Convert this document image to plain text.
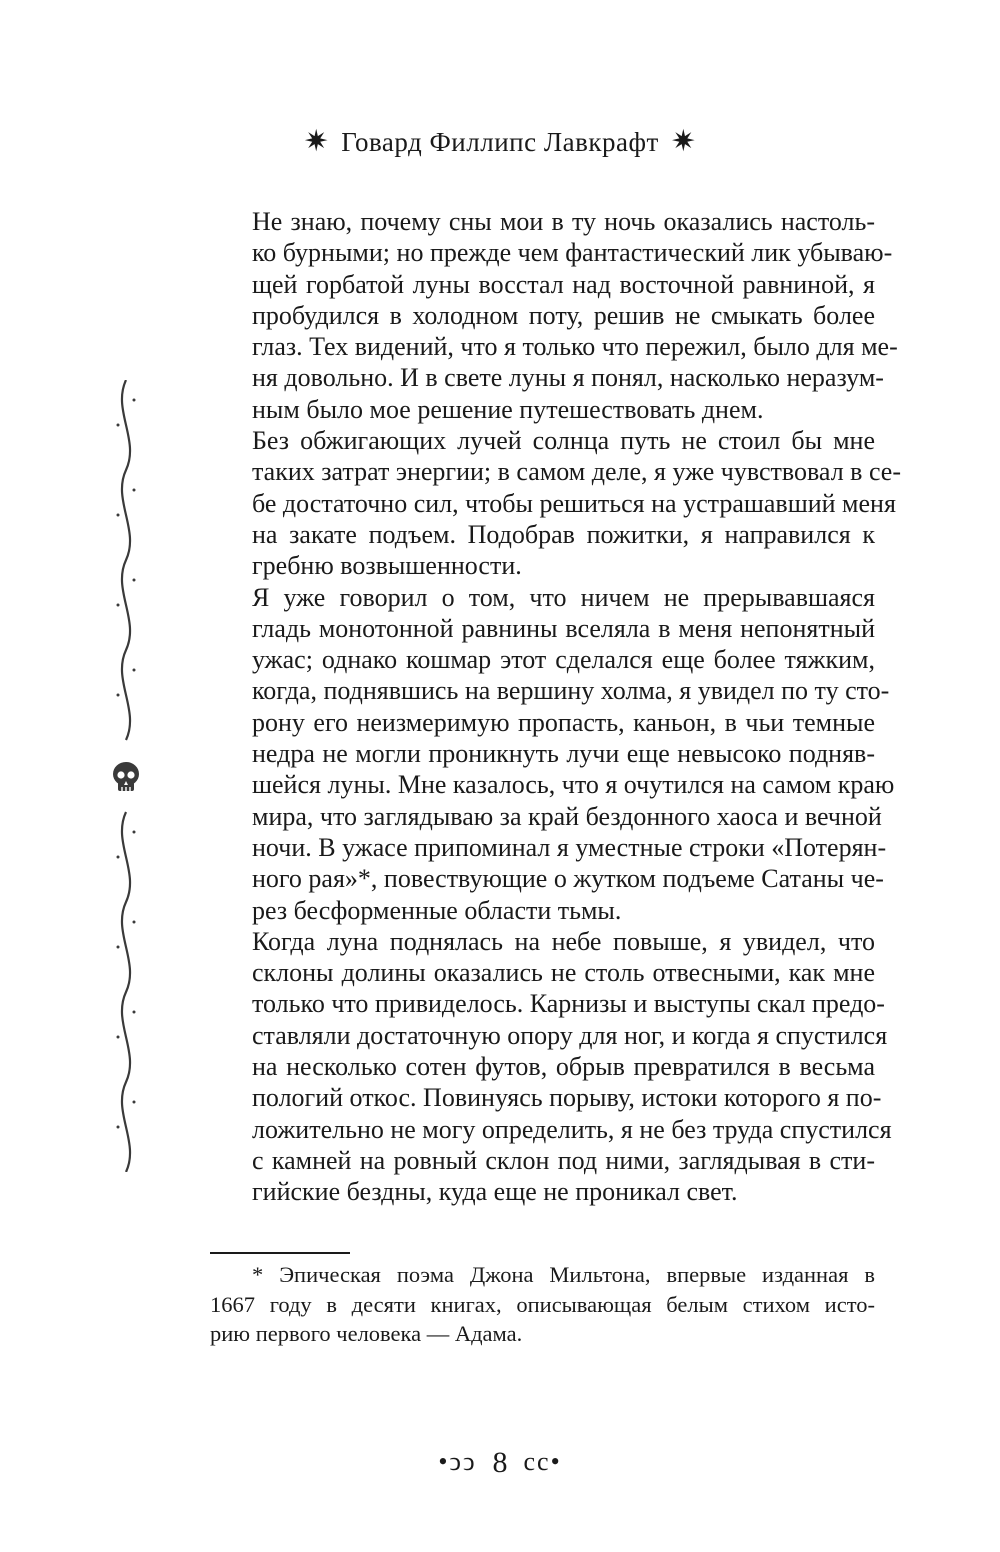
✷ Говард Филлипс Лавкрафт ✷

Не знаю, почему сны мои в ту ночь оказались настоль-
ко бурными; но прежде чем фантастический лик убываю-
щей горбатой луны восстал над восточной равниной, я
пробудился в холодном поту, решив не смыкать более
глаз. Тех видений, что я только что пережил, было для ме-
ня довольно. И в свете луны я понял, насколько неразум-
ным было мое решение путешествовать днем.

Без обжигающих лучей солнца путь не стоил бы мне
таких затрат энергии; в самом деле, я уже чувствовал в се-
бе достаточно сил, чтобы решиться на устрашавший меня
на закате подъем. Подобрав пожитки, я направился к
гребню возвышенности.

Я уже говорил о том, что ничем не прерывавшаяся
гладь монотонной равнины вселяла в меня непонятный
ужас; однако кошмар этот сделался еще более тяжким,
когда, поднявшись на вершину холма, я увидел по ту сто-
рону его неизмеримую пропасть, каньон, в чьи темные
недра не могли проникнуть лучи еще невысоко подняв-
шейся луны. Мне казалось, что я очутился на самом краю
мира, что заглядываю за край бездонного хаоса и вечной
ночи. В ужасе припоминал я уместные строки «Потерян-
ного рая»*, повествующие о жутком подъеме Сатаны че-
рез бесформенные области тьмы.

Когда луна поднялась на небе повыше, я увидел, что
склоны долины оказались не столь отвесными, как мне
только что привиделось. Карнизы и выступы скал предо-
ставляли достаточную опору для ног, и когда я спустился
на несколько сотен футов, обрыв превратился в весьма
пологий откос. Повинуясь порыву, истоки которого я по-
ложительно не могу определить, я не без труда спустился
с камней на ровный склон под ними, заглядывая в сти-
гийские бездны, куда еще не проникал свет.

* Эпическая поэма Джона Мильтона, впервые изданная в
1667 году в десяти книгах, описывающая белым стихом исто-
рию первого человека — Адама.
•ↄↄ 8 cc•
